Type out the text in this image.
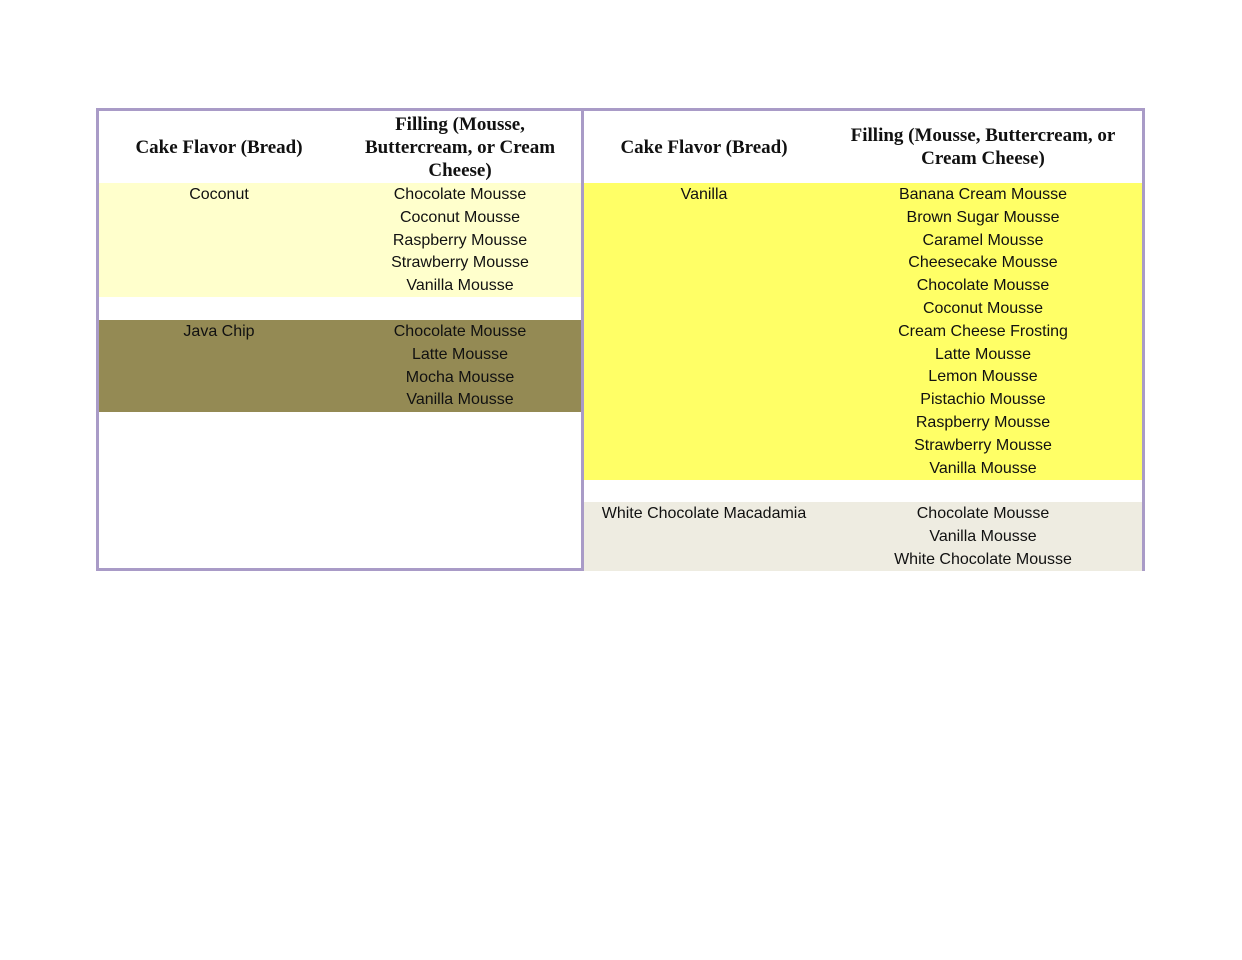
Cake Flavor (Bread)
Filling (Mousse, Buttercream, or Cream Cheese)
Coconut	Chocolate Mousse
Coconut Mousse
Raspberry Mousse
Strawberry Mousse
Vanilla Mousse
Java Chip	Chocolate Mousse
Latte Mousse
Mocha Mousse
Vanilla Mousse
Cake Flavor (Bread)
Filling (Mousse, Buttercream, or Cream Cheese)
Vanilla	Banana Cream Mousse
Brown Sugar Mousse
Caramel Mousse
Cheesecake Mousse
Chocolate Mousse
Coconut Mousse
Cream Cheese Frosting
Latte Mousse
Lemon Mousse
Pistachio Mousse
Raspberry Mousse
Strawberry Mousse
Vanilla Mousse
White Chocolate Macadamia	Chocolate Mousse
Vanilla Mousse
White Chocolate Mousse
